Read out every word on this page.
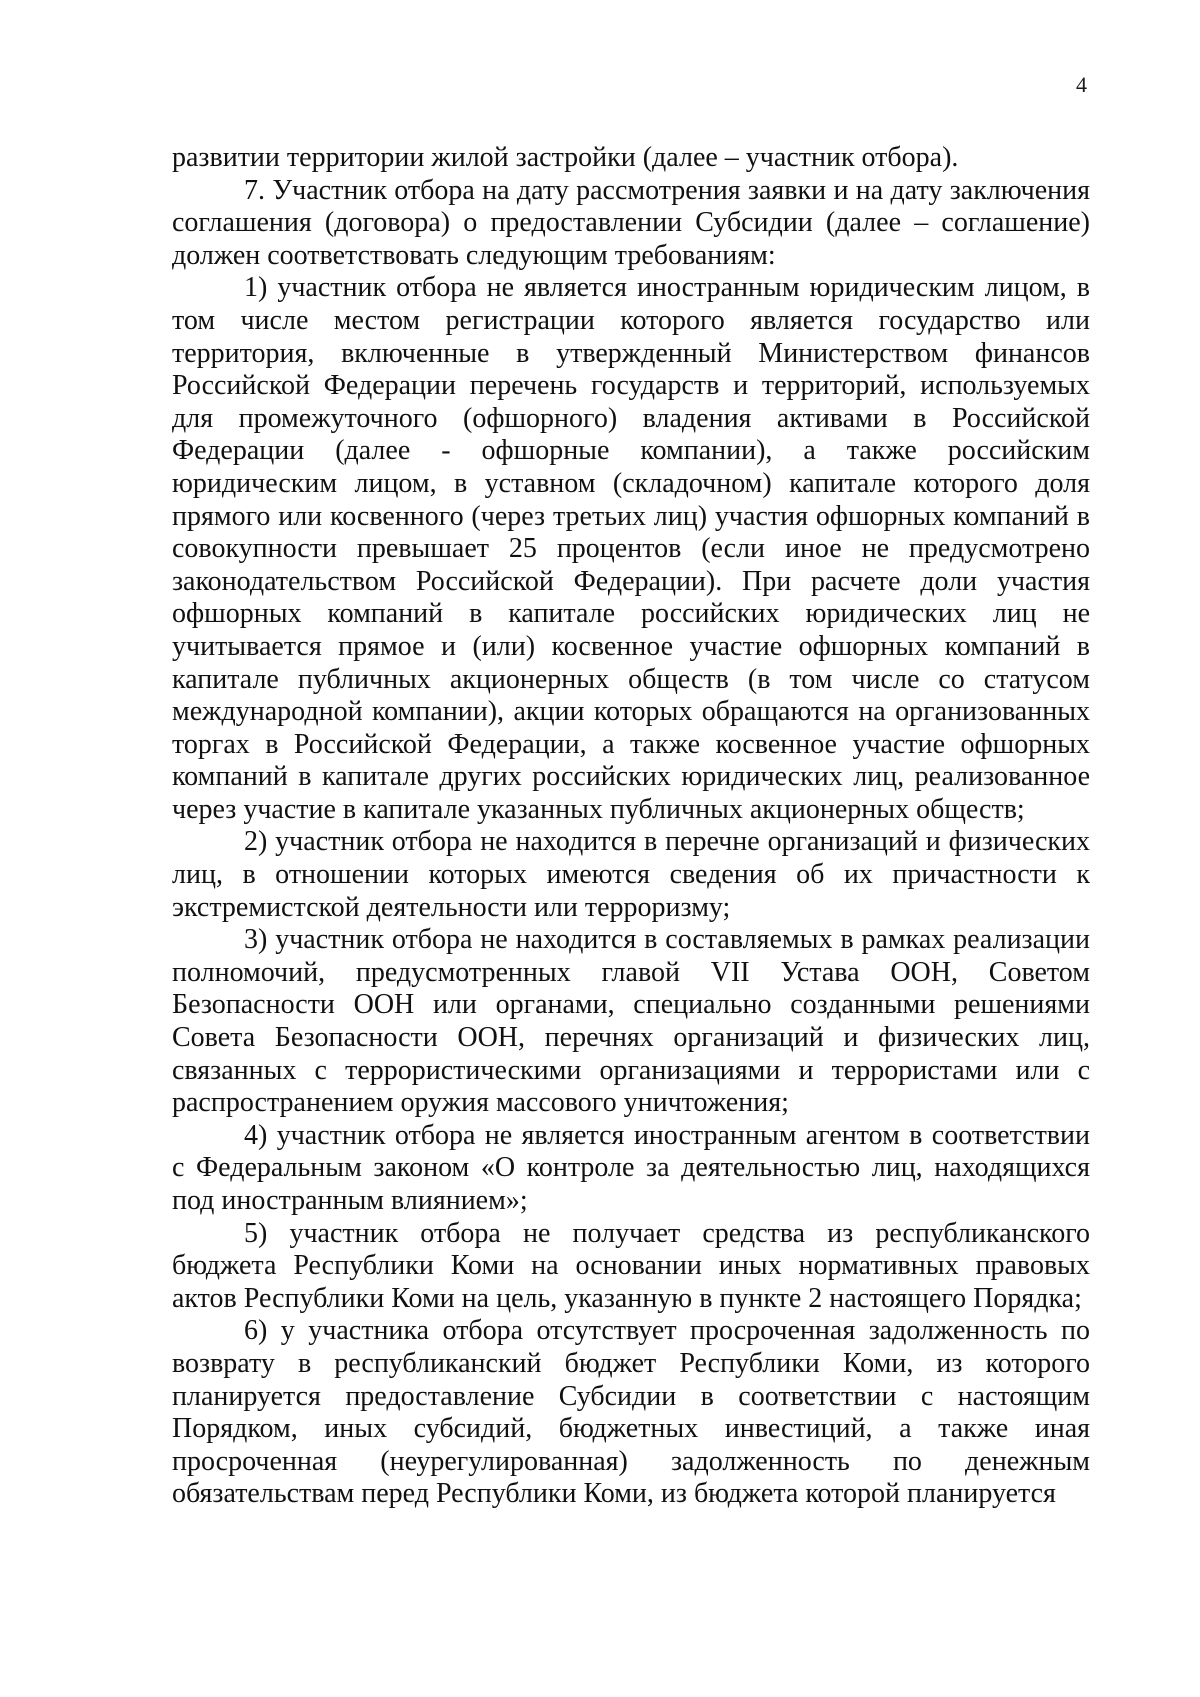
4

развитии территории жилой застройки (далее – участник отбора).

7. Участник отбора на дату рассмотрения заявки и на дату заключения соглашения (договора) о предоставлении Субсидии (далее – соглашение) должен соответствовать следующим требованиям:

1) участник отбора не является иностранным юридическим лицом, в том числе местом регистрации которого является государство или территория, включенные в утвержденный Министерством финансов Российской Федерации перечень государств и территорий, используемых для промежуточного (офшорного) владения активами в Российской Федерации (далее - офшорные компании), а также российским юридическим лицом, в уставном (складочном) капитале которого доля прямого или косвенного (через третьих лиц) участия офшорных компаний в совокупности превышает 25 процентов (если иное не предусмотрено законодательством Российской Федерации). При расчете доли участия офшорных компаний в капитале российских юридических лиц не учитывается прямое и (или) косвенное участие офшорных компаний в капитале публичных акционерных обществ (в том числе со статусом международной компании), акции которых обращаются на организованных торгах в Российской Федерации, а также косвенное участие офшорных компаний в капитале других российских юридических лиц, реализованное через участие в капитале указанных публичных акционерных обществ;

2) участник отбора не находится в перечне организаций и физических лиц, в отношении которых имеются сведения об их причастности к экстремистской деятельности или терроризму;

3) участник отбора не находится в составляемых в рамках реализации полномочий, предусмотренных главой VII Устава ООН, Советом Безопасности ООН или органами, специально созданными решениями Совета Безопасности ООН, перечнях организаций и физических лиц, связанных с террористическими организациями и террористами или с распространением оружия массового уничтожения;

4) участник отбора не является иностранным агентом в соответствии с Федеральным законом «О контроле за деятельностью лиц, находящихся под иностранным влиянием»;

5) участник отбора не получает средства из республиканского бюджета Республики Коми на основании иных нормативных правовых актов Республики Коми на цель, указанную в пункте 2 настоящего Порядка;

6) у участника отбора отсутствует просроченная задолженность по возврату в республиканский бюджет Республики Коми, из которого планируется предоставление Субсидии в соответствии с настоящим Порядком, иных субсидий, бюджетных инвестиций, а также иная просроченная (неурегулированная) задолженность по денежным обязательствам перед Республики Коми, из бюджета которой планируется
